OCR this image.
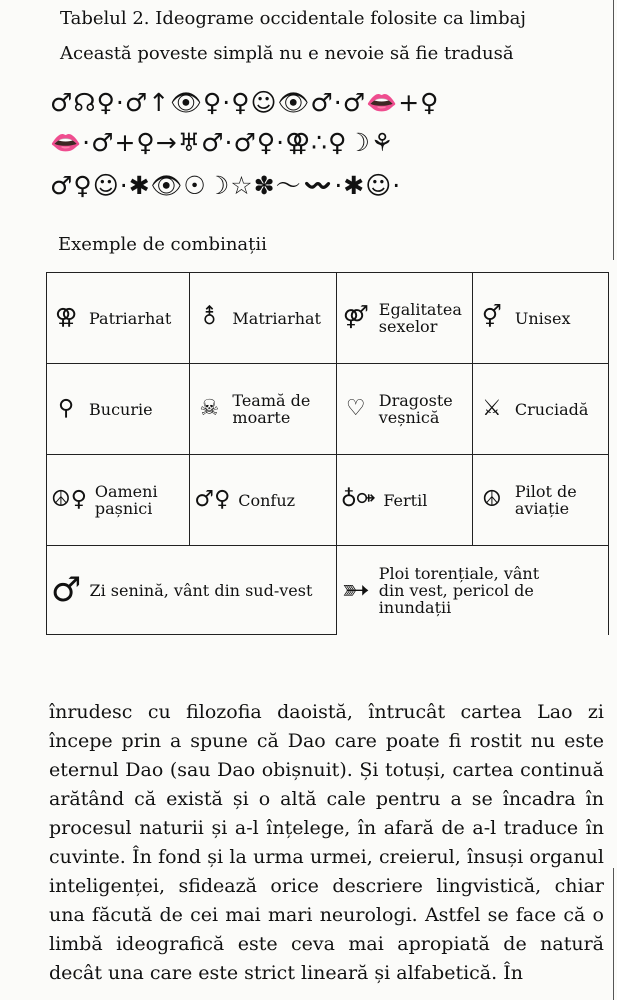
Tabelul 2. Ideograme occidentale folosite ca limbaj
Această poveste simplă nu e nevoie să fie tradusă
♂☊♀·♂↑👁♀·♀☺👁♂·♂👄+♀
👄·♂+♀→♅♂·♂♀·⚢∴♀☽⚘
♂♀☺·✱👁☉☽☆✽〜〰·✱☺·
Exemple de combinații
⚢ Patriarhat	⚨ Matriarhat	⚤ Egalitatea sexelor	⚥ Unisex

⚲ Bucurie	☠ Teamă de moarte	♡ Dragoste veșnică	⚔ Cruciadă

☮♀ Oameni pașnici	♂♀ Confuz	♁⚩ Fertil	☮ Pilot de aviație

♂ Zi senină, vânt din sud-vest		➳ Ploi torențiale, vânt din vest, pericol de inundații	

înrudesc cu filozofia daoistă, întrucât cartea Lao zi începe prin a spune că Dao care poate fi rostit nu este eternul Dao (sau Dao obișnuit). Și totuși, cartea continuă arătând că există și o altă cale pentru a se încadra în procesul naturii și a-l înțelege, în afară de a-l traduce în cuvinte. În fond și la urma urmei, creierul, însuși organul inteligenței, sfidează orice descriere lingvistică, chiar una făcută de cei mai mari neurologi. Astfel se face că o limbă ideografică este ceva mai apropiată de natură decât una care este strict lineară și alfabetică. În
